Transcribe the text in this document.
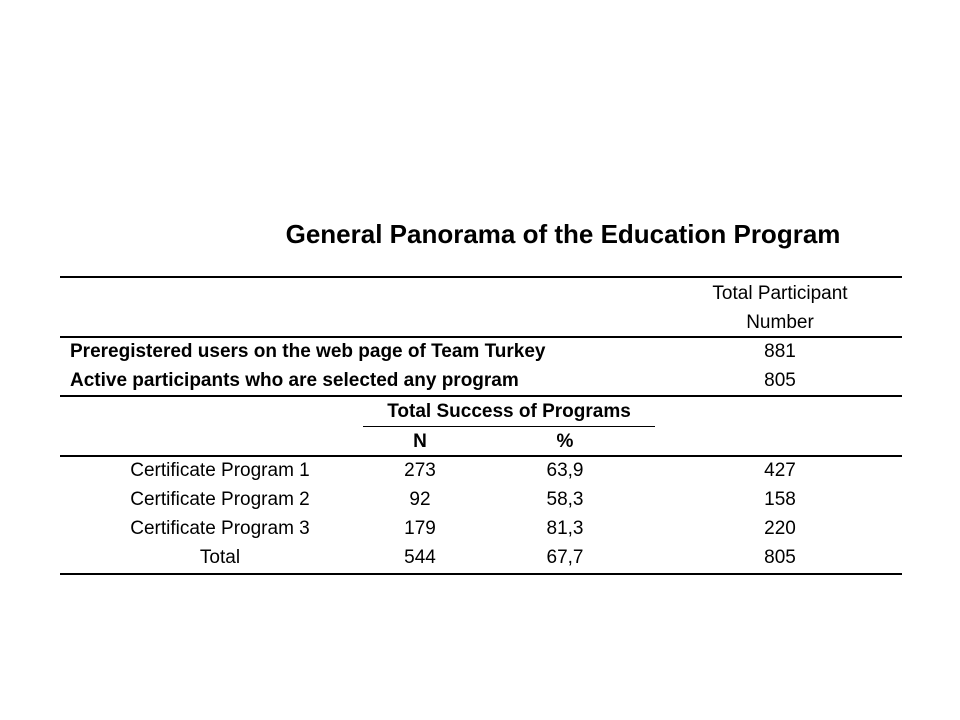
General Panorama of the Education Program
Total Participant
Number
Preregistered users on the web page of Team Turkey	881
Active participants who are selected any program	805
Total Success of Programs
N	%
Certificate Program 1	273	63,9	427
Certificate Program 2	92	58,3	158
Certificate Program 3	179	81,3	220
Total	544	67,7	805
